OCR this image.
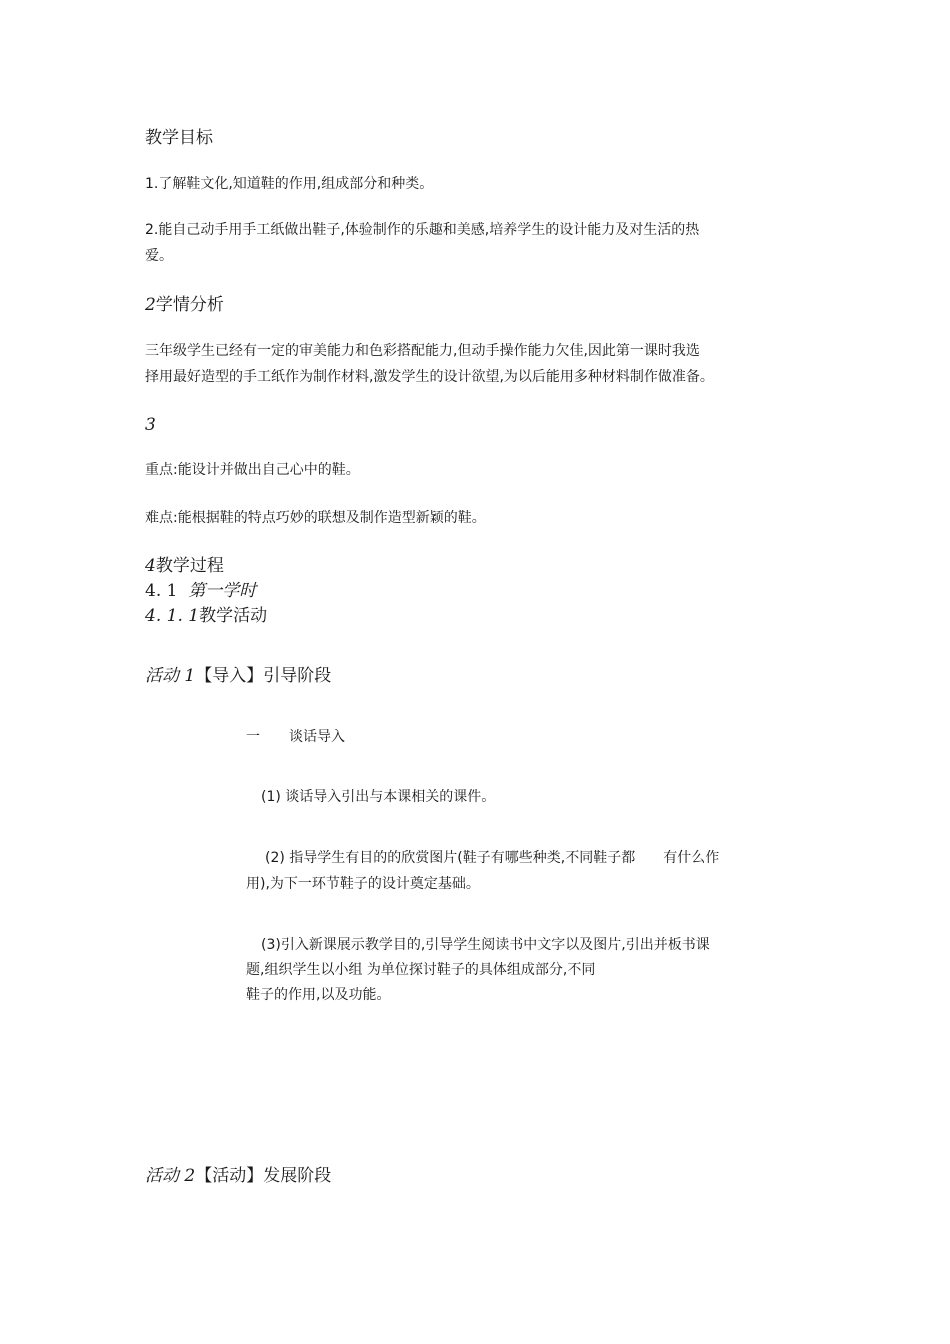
教学目标
1.了解鞋文化,知道鞋的作用,组成部分和种类。
2.能自己动手用手工纸做出鞋子,体验制作的乐趣和美感,培养学生的设计能力及对生活的热
爱。
2学情分析
三年级学生已经有一定的审美能力和色彩搭配能力,但动手操作能力欠佳,因此第一课时我选
择用最好造型的手工纸作为制作材料,激发学生的设计欲望,为以后能用多种材料制作做准备。
3
重点:能设计并做出自己心中的鞋。
难点:能根据鞋的特点巧妙的联想及制作造型新颖的鞋。
4教学过程
4. 1 第一学时
4. 1. 1教学活动
活动 1【导入】引导阶段
一 谈话导入
(1) 谈话导入引出与本课相关的课件。
(2) 指导学生有目的的欣赏图片(鞋子有哪些种类,不同鞋子都　　有什么作
用),为下一环节鞋子的设计奠定基础。
(3)引入新课展示教学目的,引导学生阅读书中文字以及图片,引出并板书课
题,组织学生以小组 为单位探讨鞋子的具体组成部分,不同
鞋子的作用,以及功能。
活动 2【活动】发展阶段
